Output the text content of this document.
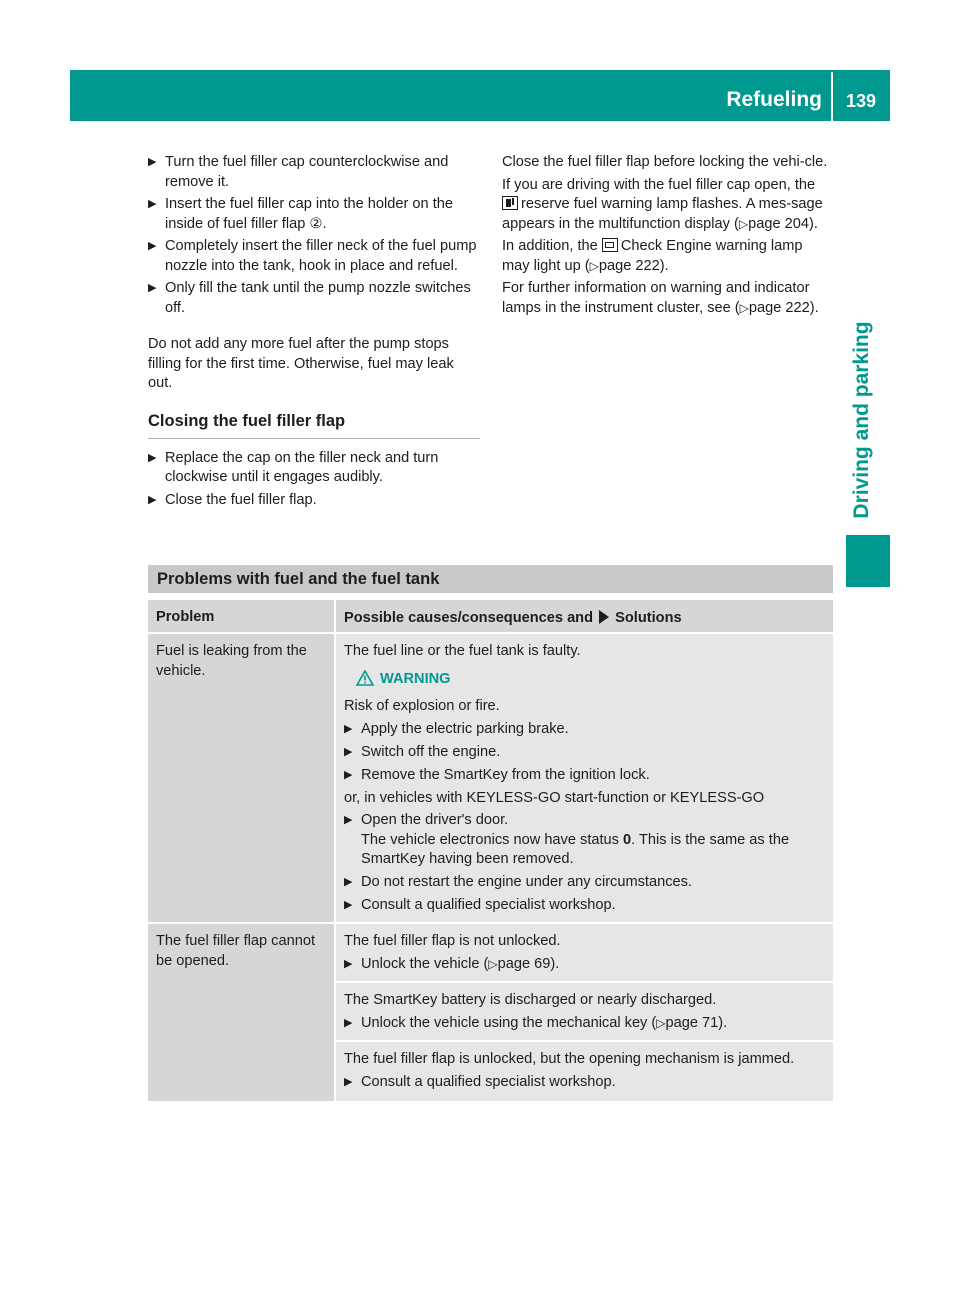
Refueling	139
Driving and parking
▶ Turn the fuel filler cap counterclockwise and remove it.
▶ Insert the fuel filler cap into the holder on the inside of fuel filler flap ②.
▶ Completely insert the filler neck of the fuel pump nozzle into the tank, hook in place and refuel.
▶ Only fill the tank until the pump nozzle switches off.
Do not add any more fuel after the pump stops filling for the first time. Otherwise, fuel may leak out.
Closing the fuel filler flap
▶ Replace the cap on the filler neck and turn clockwise until it engages audibly.
▶ Close the fuel filler flap.
Close the fuel filler flap before locking the vehi-cle.
If you are driving with the fuel filler cap open, the
reserve fuel warning lamp flashes. A mes-sage appears in the multifunction display (▷page 204).
In addition, the Check Engine warning lamp may light up (▷page 222).
For further information on warning and indicator lamps in the instrument cluster, see (▷page 222).
Problems with fuel and the fuel tank
Problem	Possible causes/consequences and Solutions
Fuel is leaking from the vehicle.
The fuel line or the fuel tank is faulty.
WARNING
Risk of explosion or fire.
▶ Apply the electric parking brake.
▶ Switch off the engine.
▶ Remove the SmartKey from the ignition lock.
or, in vehicles with KEYLESS-GO start-function or KEYLESS-GO
▶ Open the driver's door.
The vehicle electronics now have status 0. This is the same as the SmartKey having been removed.
▶ Do not restart the engine under any circumstances.
▶ Consult a qualified specialist workshop.
The fuel filler flap cannot be opened.
The fuel filler flap is not unlocked.
▶ Unlock the vehicle (▷page 69).
The SmartKey battery is discharged or nearly discharged.
▶ Unlock the vehicle using the mechanical key (▷page 71).
The fuel filler flap is unlocked, but the opening mechanism is jammed.
▶ Consult a qualified specialist workshop.
